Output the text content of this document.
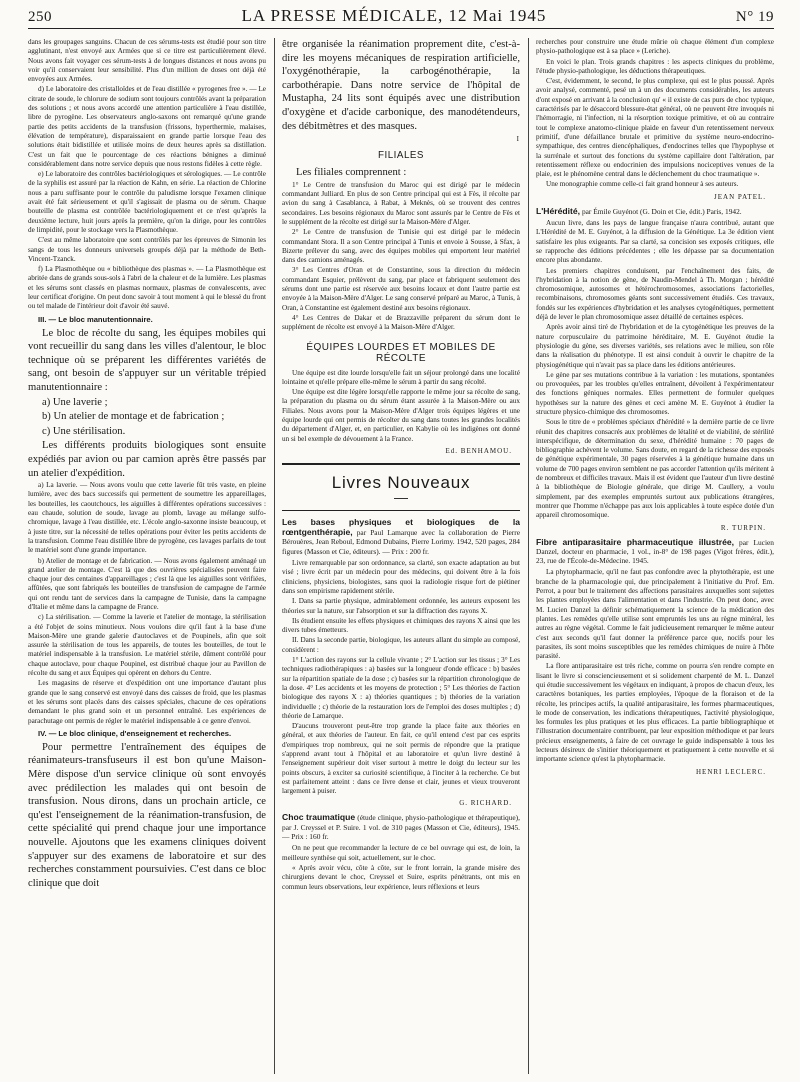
250	LA PRESSE MÉDICALE, 12 Mai 1945	N° 19

dans les groupages sanguins. Chacun de ces sérums-tests est étudié pour son titre agglutinant, n'est envoyé aux Armées que si ce titre est particulièrement élevé. Nous avons fait voyager ces sérum-tests à de longues distances et nous avons pu voir qu'il conservaient leur sensibilité. Plus d'un million de doses ont déjà été envoyées aux Armées.

d) Le laboratoire des cristalloïdes et de l'eau distillée « pyrogenes free ». — Le citrate de soude, le chlorure de sodium sont toujours contrôlés avant la préparation des solutions ; et nous avons accordé une attention particulière à l'eau distillée, libre de pyrogène. Les observateurs anglo-saxons ont remarqué qu'une grande partie des petits accidents de la transfusion (frissons, hyperthermie, malaises, élévation de température), disparaissaient en grande partie lorsque l'eau des solutions était bidistillée et utilisée moins de deux heures après sa distillation. C'est un fait que le pourcentage de ces réactions bénignes a diminué considérablement dans notre service depuis que nous restons fidèles à cette règle.

e) Le laboratoire des contrôles bactériologiques et sérologiques. — Le contrôle de la syphilis est assuré par la réaction de Kahn, en série. La réaction de Chlorine nous a paru suffisante pour le contrôle du paludisme lorsque l'examen clinique avait été fait sérieusement et qu'il s'agissait de plasma ou de sérum. Chaque bouteille de plasma est contrôlée bactériologiquement et ce n'est qu'après la deuxième lecture, huit jours après la première, qu'on la dirige, pour les contrôles de limpidité, pour le stockage vers la Plasmothèque.

C'est au même laboratoire que sont contrôlés par les épreuves de Simonin les sangs de tous les donneurs universels groupés déjà par la méthode de Beth-Vincent-Tzanck.

f) La Plasmothèque ou « bibliothèque des plasmas ». — La Plasmothèque est abritée dans de grands sous-sols à l'abri de la chaleur et de la lumière. Les plasmas et les sérums sont classés en plasmas normaux, plasmas de convalescents, avec leur certificat d'origine. On peut donc savoir à tout moment à qui le blessé du front ou tel malade de l'intérieur doit d'avoir été sauvé.

III. — Le bloc manutentionnaire.

Le bloc de récolte du sang, les équipes mobiles qui vont recueillir du sang dans les villes d'alentour, le bloc technique où se préparent les différentes variétés de sang, ont besoin de s'appuyer sur un véritable trépied manutentionnaire :

a) Une laverie ;

b) Un atelier de montage et de fabrication ;

c) Une stérilisation.

Les différents produits biologiques sont ensuite expédiés par avion ou par camion après être passés par un atelier d'expédition.

a) La laverie. — Nous avons voulu que cette laverie fût très vaste, en pleine lumière, avec des bacs successifs qui permettent de soumettre les appareillages, les bouteilles, les caoutchoucs, les aiguilles à différentes opérations successives : eau chaude, solution de soude, lavage au plomb, lavage au mélange sulfo-chromique, lavage à l'eau distillée, etc. L'école anglo-saxonne insiste beaucoup, et à juste titre, sur la nécessité de telles opérations pour éviter les petits accidents de la transfusion. Comme l'eau distillée libre de pyrogène, ces lavages parfaits de tout le matériel sont d'une grande importance.

b) Atelier de montage et de fabrication. — Nous avons également aménagé un grand atelier de montage. C'est là que des ouvrières spécialisées peuvent faire chaque jour des centaines d'appareillages ; c'est là que les aiguilles sont vérifiées, affûtées, que sont fabriqués les bouteilles de transfusion de campagne de l'armée qui ont rendu tant de services dans la campagne de Tunisie, dans la campagne d'Italie et même dans la campagne de France.

c) La stérilisation. — Comme la laverie et l'atelier de montage, la stérilisation a été l'objet de soins minutieux. Nous voulons dire qu'il faut à la base d'une Maison-Mère une grande galerie d'autoclaves et de Poupinels, afin que soit assurée la stérilisation de tous les appareils, de toutes les bouteilles, de tout le matériel indispensable à la transfusion. Le matériel stérile, dûment contrôlé pour chaque autoclave, pour chaque Poupinel, est distribué chaque jour au Pavillon de récolte du sang et aux Équipes qui opèrent en dehors du Centre.

Les magasins de réserve et d'expédition ont une importance d'autant plus grande que le sang conservé est envoyé dans des caisses de froid, que les plasmas et les sérums sont placés dans des caisses spéciales, chacune de ces opérations demandant le plus grand soin et un personnel entraîné. Les expériences de parachutage ont permis de régler le matériel indispensable à ce genre d'envoi.

IV. — Le bloc clinique, d'enseignement et recherches.

Pour permettre l'entraînement des équipes de réanimateurs-transfuseurs il est bon qu'une Maison-Mère dispose d'un service clinique où sont envoyés avec prédilection les malades qui ont besoin de transfusion. Nous dirons, dans un prochain article, ce qu'est l'enseignement de la réanimation-transfusion, de cette spécialité qui prend chaque jour une importance nouvelle. Ajoutons que les examens cliniques doivent s'appuyer sur des examens de laboratoire et sur des recherches constamment poursuivies. C'est dans ce bloc clinique que doit

être organisée la réanimation proprement dite, c'est-à-dire les moyens mécaniques de respiration artificielle, l'oxygénothérapie, la carbogénothérapie, la carbothérapie. Dans notre service de l'hôpital de Mustapha, 24 lits sont équipés avec une distribution d'oxygène et d'acide carbonique, des manodétendeurs, des débitmètres et des masques.

I

FILIALES

Les filiales comprennent :

1° Le Centre de transfusion du Maroc qui est dirigé par le médecin commandant Julliard. En plus de son Centre principal qui est à Fès, il récolte par avion du sang à Casablanca, à Rabat, à Meknès, où se trouvent des centres secondaires. Les besoins régionaux du Maroc sont assurés par le Centre de Fès et le supplément de la récolte est dirigé sur la Maison-Mère d'Alger.

2° Le Centre de transfusion de Tunisie qui est dirigé par le médecin commandant Stora. Il a son Centre principal à Tunis et envoie à Sousse, à Sfax, à Bizerte prélever du sang, avec des équipes mobiles qui emportent leur matériel dans des camions aménagés.

3° Les Centres d'Oran et de Constantine, sous la direction du médecin commandant Esquier, prélèvent du sang, par place et fabriquent seulement des sérums dont une partie est réservée aux besoins locaux et dont l'autre partie est envoyée à la Maison-Mère d'Alger. Le sang conservé préparé au Maroc, à Tunis, à Oran, à Constantine est également destiné aux besoins régionaux.

4° Les Centres de Dakar et de Brazzaville préparent du sérum dont le supplément de récolte est envoyé à la Maison-Mère d'Alger.

ÉQUIPES LOURDES ET MOBILES DE RÉCOLTE

Une équipe est dite lourde lorsqu'elle fait un séjour prolongé dans une localité lointaine et qu'elle prépare elle-même le sérum à partir du sang récolté.

Une équipe est dite légère lorsqu'elle rapporte le même jour sa récolte de sang, la préparation du plasma ou du sérum étant assurée à la Maison-Mère ou aux Filiales. Nous avons pour la Maison-Mère d'Alger trois équipes légères et une équipe lourde qui ont permis de récolter du sang dans toutes les grandes localités du département d'Alger, et, en particulier, en Kabylie où les indigènes ont donné un si bel exemple de dévouement à la France.

Ed. BENHAMOU.

Livres Nouveaux

Les bases physiques et biologiques de la rœntgenthérapie, par Paul Lamarque avec la collaboration de Pierre Bérouères, Jean Reboul, Edmond Dubains, Pierre Lorimy. 1942, 520 pages, 284 figures (Masson et Cie, éditeurs). — Prix : 200 fr.

Livre remarquable par son ordonnance, sa clarté, son exacte adaptation au but visé ; livre écrit par un médecin pour des médecins, qui doivent être à la fois cliniciens, physiciens, biologistes, sans quoi la radiologie risque fort de piétiner dans son empirisme rapidement stérile.

I. Dans sa partie physique, admirablement ordonnée, les auteurs exposent les théories sur la nature, sur l'absorption et sur la diffraction des rayons X.

Ils étudient ensuite les effets physiques et chimiques des rayons X ainsi que les divers tubes émetteurs.

II. Dans la seconde partie, biologique, les auteurs allant du simple au composé, considèrent :

1° L'action des rayons sur la cellule vivante ; 2° L'action sur les tissus ; 3° Les techniques radiothérapiques : a) basées sur la longueur d'onde efficace : b) basées sur la répartition spatiale de la dose ; c) basées sur la répartition chronologique de la dose. 4° Les accidents et les moyens de protection ; 5° Les théories de l'action biologique des rayons X : a) théories quantiques ; b) théories de la variation individuelle ; c) théorie de la restauration lors de l'emploi des doses multiples ; d) théorie de Lamarque.

D'aucuns trouveront peut-être trop grande la place faite aux théories en général, et aux théories de l'auteur. En fait, ce qu'il entend c'est par ces esprits d'empiriques trop nombreux, qui ne soit permis de répondre que la pratique s'apprend avant tout à l'hôpital et au laboratoire et qu'un livre destiné à l'enseignement supérieur doit viser surtout à mettre le doigt du lecteur sur les points obscurs, à exciter sa curiosité scientifique, à l'inciter à la recherche. Ce but est parfaitement atteint : dans ce livre dense et clair, jeunes et vieux trouveront largement à puiser.

G. RICHARD.

Choc traumatique (étude clinique, physio-pathologique et thérapeutique), par J. Creyssel et P. Suire. 1 vol. de 310 pages (Masson et Cie, éditeurs), 1945. — Prix : 160 fr.

On ne peut que recommander la lecture de ce bel ouvrage qui est, de loin, la meilleure synthèse qui soit, actuellement, sur le choc.

« Après avoir vécu, côte à côte, sur le front lorrain, la grande misère des chirurgiens devant le choc, Creyssel et Suire, esprits pénétrants, ont mis en commun leurs observations, leur expérience, leurs réflexions et leurs

recherches pour construire une étude mûrie où chaque élément d'un complexe physio-pathologique est à sa place » (Leriche).

En voici le plan. Trois grands chapitres : les aspects cliniques du problème, l'étude physio-pathologique, les déductions thérapeutiques.

C'est, évidemment, le second, le plus complexe, qui est le plus poussé. Après avoir analysé, commenté, pesé un à un des documents considérables, les auteurs d'ont exposé en arrivant à la conclusion qu' « il existe de cas purs de choc typique, caractérisés par le désaccord blessure-état général, où ne peuvent être invoqués ni l'hémorragie, ni l'infection, ni la résorption toxique primitive, et où au contraire tout le complexe anatomo-clinique plaide en faveur d'un retentissement nerveux primitif, d'une défaillance brutale et primitive du système neuro-endocrino-sympathique, des centres diencéphaliques, d'endocrines telles que l'hypophyse et la surrénale et surtout des fonctions du système capillaire dont l'altération, par retentissement réflexe ou endocrinien des impulsions nociceptives venues de la plaie, est le phénomène central dans le déclenchement du choc traumatique ».

Une monographie comme celle-ci fait grand honneur à ses auteurs.

JEAN PATEL.

L'Hérédité, par Émile Guyénot (G. Doin et Cie, édit.) Paris, 1942.

Aucun livre, dans les pays de langue française n'aura contribué, autant que L'Hérédité de M. E. Guyénot, à la diffusion de la Génétique. La 3e édition vient satisfaire les plus exigeants. Par sa clarté, sa concision ses exposés critiques, elle se rapproche des éditions précédentes ; elle les dépasse par sa documentation encore plus abondante.

Les premiers chapitres conduisent, par l'enchaînement des faits, de l'hybridation à la notion de gène, de Naudin-Mendel à Th. Morgan ; hérédité chromosomique, autosomes et hétérochromosomes, associations factorielles, recombinaisons, chromosomes géants sont successivement étudiés. Ces travaux, fondés sur les expériences d'hybridation et les analyses cytogénétiques, permettent déjà de lever le plan chromosomique assez détaillé de certaines espèces.

Après avoir ainsi tiré de l'hybridation et de la cytogénétique les preuves de la nature corpusculaire du patrimoine héréditaire, M. E. Guyénot étudie la physiologie du gène, ses diverses variétés, ses relations avec le milieu, son rôle dans la réalisation du phénotype. Il est ainsi conduit à ouvrir le chapitre de la physiogénétique qui n'avait pas sa place dans les éditions antérieures.

Le gène par ses mutations contribue à la variation : les mutations, spontanées ou provoquées, par les troubles qu'elles entraînent, dévoilent à l'expérimentateur des fonctions géniques normales. Elles permettent de formuler quelques hypothèses sur la nature des gènes et ceci amène M. E. Guyénot à étudier la structure physico-chimique des chromosomes.

Sous le titre de « problèmes spéciaux d'hérédité » la dernière partie de ce livre réunit des chapitres consacrés aux problèmes de létalité et de viabilité, de stérilité interspécifique, de détermination du sexe, d'hérédité humaine : 70 pages de bibliographie achèvent le volume. Sans doute, en regard de la richesse des exposés de génétique expérimentale, 30 pages réservées à la génétique humaine dans un volume de 700 pages environ semblent ne pas accorder l'attention qu'ils méritent à de nombreux et difficiles travaux. Mais il est évident que l'auteur d'un livre destiné à la bibliothèque de Biologie générale, que dirige M. Caullery, a voulu simplement, par des exemples empruntés surtout aux publications étrangères, montrer que l'homme n'échappe pas aux lois applicables à toute espèce dotée d'un appareil chromosomique.

R. TURPIN.

Fibre antiparasitaire pharmaceutique illustrée, par Lucien Danzel, docteur en pharmacie, 1 vol., in-8° de 198 pages (Vigot frères, édit.), 23, rue de l'École-de-Médecine. 1945.

La phytopharmacie, qu'il ne faut pas confondre avec la phytothérapie, est une branche de la pharmacologie qui, due principalement à l'initiative du Prof. Em. Perrot, a pour but le traitement des affections parasitaires auxquelles sont sujettes les plantes employées dans l'alimentation et dans l'industrie. On peut donc, avec M. Lucien Danzel la définir schématiquement la science de la médication des plantes. Les remèdes qu'elle utilise sont empruntés les uns au règne minéral, les autres au règne végétal. Comme le fait judicieusement remarquer le même auteur c'est aux seconds qu'il faut donner la préférence parce que, nocifs pour les parasites, ils sont moins susceptibles que les remèdes chimiques de nuire à l'hôte parasité.

La flore antiparasitaire est très riche, comme on pourra s'en rendre compte en lisant le livre si consciencieusement et si solidement charpenté de M. L. Danzel qui étudie successivement les végétaux en indiquant, à propos de chacun d'eux, les caractères botaniques, les parties employées, l'époque de la floraison et de la récolte, les principes actifs, la qualité antiparasitaire, les formes pharmaceutiques, le mode de conservation, les indications thérapeutiques, l'activité physiologique, les formules les plus pratiques et les plus efficaces. La partie bibliographique et l'illustration documentaire contribuent, par leur exposition méthodique et par leurs précieux enseignements, à faire de cet ouvrage le guide indispensable à tous les lecteurs désireux de s'initier théoriquement et pratiquement à cette nouvelle et si importante science qu'est la phytopharmacie.

HENRI LECLERC.
